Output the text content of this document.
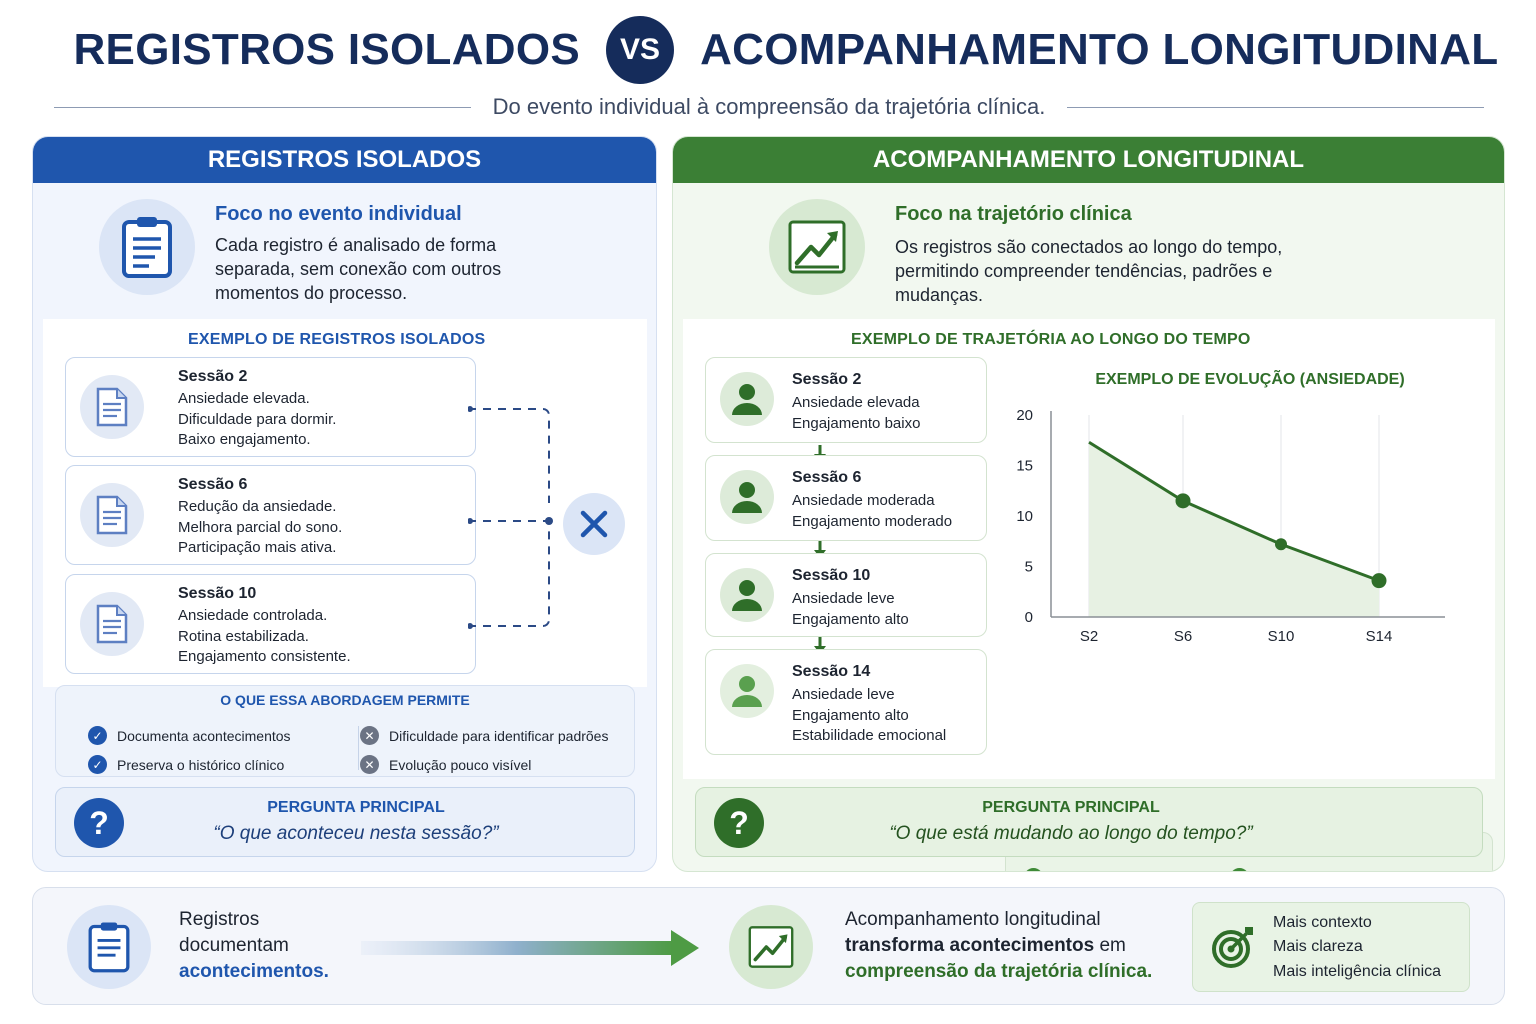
REGISTROS ISOLADOS	VS ACOMPANHAMENTO LONGITUDINAL
Do evento individual à compreensão da trajetória clínica.
REGISTROS ISOLADOS
Foco no evento individual
Cada registro é analisado de forma separada, sem conexão com outros momentos do processo.
EXEMPLO DE REGISTROS ISOLADOS
Sessão 2
Ansiedade elevada.
Dificuldade para dormir.
Baixo engajamento.
Sessão 6
Redução da ansiedade.
Melhora parcial do sono.
Participação mais ativa.
Sessão 10
Ansiedade controlada.
Rotina estabilizada.
Engajamento consistente.
O QUE ESSA ABORDAGEM PERMITE
✓	Documenta acontecimentos
✓	Preserva o histórico clínico
✕	Dificuldade para identificar padrões
✕	Evolução pouco visível
?	PERGUNTA PRINCIPAL
“O que aconteceu nesta sessão?”
ACOMPANHAMENTO LONGITUDINAL
Foco na trajetório clínica
Os registros são conectados ao longo do tempo, permitindo compreender tendências, padrões e mudanças.
EXEMPLO DE TRAJETÓRIA AO LONGO DO TEMPO
Sessão 2
Ansiedade elevada
Engajamento baixo
Sessão 6
Ansiedade moderada
Engajamento moderado
Sessão 10
Ansiedade leve
Engajamento alto
Sessão 14
Ansiedade leve
Engajamento alto
Estabilidade emocional
EXEMPLO DE EVOLUÇÃO (ANSIEDADE)
0
5
10
15
20
S2	S6	S10	S14
?	PERGUNTA PRINCIPAL
“O que está mudando ao longo do tempo?”
Registros
documentam
acontecimentos.
Acompanhamento longitudinal
transforma acontecimentos em
compreensão da trajetória clínica.
Mais contexto
Mais clareza
Mais inteligência clínica
